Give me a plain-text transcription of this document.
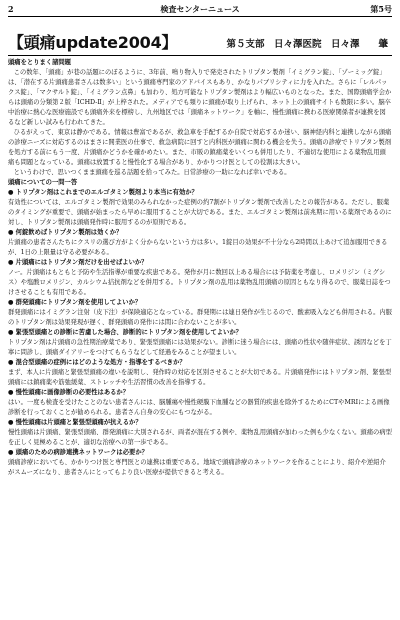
2	検査センターニュース	第5号
【頭痛update2004】	第５支部　日々澤医院　日々澤　　肇

頭痛をとりまく諸問題

この数年、「頭痛」が巷の話題にのぼるように、3年前、鳴り物入りで発売されたトリプタン製剤「イミグラン錠」、「ゾーミッグ錠」は、「潜在する片頭痛患者さんは数多い」という頭痛専門家のアドバイスもあり、かなりパブリシティに力を入れた。さらに「レルパックス錠」、「マクサルト錠」、「イミグラン点鼻」も加わり、処方可能なトリプタン製剤はより幅広いものとなった。また、国際頭痛学会からは頭痛の分類第２版「ICHD-Ⅱ」が上梓された。メディアでも頻りに頭痛が取り上げられ、ネット上の頭痛サイトも数限に多い。脳卒中治療に熱心な医療施設でも頭痛外来を標榜し、九州地区では「頭痛ネットワーク」を軸に、慢性頭痛に携わる医療関係者が連携を図るなど新しい試みも行われてきた。

ひるがえって、東京は静かである。情報は豊富であるが、救急車を手配するか自院で対応するか迷い、脳神経内科と連携しながら頭痛の診療ニーズに対応するのはまさに開業医の仕事で、救急病院に回すと内科医が頭痛に関わる機会を失う。頭痛の診療でトリプタン製剤を処方する前にもう一度、片頭痛かどうかを確かめたい。また、市販の鎮痛薬をいくつも併用したり、不適切な使用による薬物乱用頭痛も問題となっている。頭痛は放置すると慢性化する場合があり、かかりつけ医としての役割は大きい。

というわけで、思いつくまま頭痛を巡る話題を拾ってみた。日常診療の一助になれば幸いである。

頭痛についての一問一答

● トリプタン剤はこれまでのエルゴタミン製剤より本当に有効か？

有効性については、エルゴタミン製剤で効果のみられなかった症例の約7割がトリプタン製剤で改善したとの報告がある。ただし、服薬のタイミングが重要で、頭痛が始まったら早めに服用することが大切である。また、エルゴタミン製剤は前兆期に用いる薬剤であるのに対し、トリプタン製剤は頭痛発作時に服用するのが原則である。

● 何錠飲めばトリプタン製剤は効くか？

片頭痛の患者さんたちにクスリの選び方がよく分からないという方は多い。1錠目の効果が不十分なら2時間以上あけて追加服用できるが、1日の上限量は守る必要がある。

● 片頭痛にはトリプタン剤だけを出せばよいか？

ノー。片頭痛はもともと予防や生活指導が重要な疾患である。発作が月に数回以上ある場合には予防薬を考慮し、ロメリジン（ミグシス）や塩酸ロメリジン、カルシウム拮抗剤などを併用する。トリプタン剤の乱用は薬物乱用頭痛の原因ともなり得るので、服薬日誌をつけさせることも有用である。

● 群発頭痛にトリプタン剤を使用してよいか？

群発頭痛にはイミグラン注射（皮下注）が保険適応となっている。群発期には連日発作が生じるので、酸素吸入なども併用される。内服のトリプタン剤は効果発現が遅く、群発頭痛の発作には間に合わないことが多い。

● 緊張型頭痛との診断に苦慮した場合、診断的にトリプタン剤を使用してよいか？

トリプタン剤は片頭痛の急性期治療薬であり、緊張型頭痛には効果がない。診断に迷う場合には、頭痛の性状や随伴症状、誘因などを丁寧に問診し、頭痛ダイアリーをつけてもらうなどして経過をみることが望ましい。

● 混合型頭痛の症例にはどのような処方・指導をするべきか？

まず、本人に片頭痛と緊張型頭痛の違いを説明し、発作時の対応を区別させることが大切である。片頭痛発作にはトリプタン剤、緊張型頭痛には鎮痛薬や筋弛緩薬、ストレッチや生活習慣の改善を指導する。

● 慢性頭痛に画像診断の必要性はあるか？

はい。一度も検査を受けたことのない患者さんには、脳腫瘍や慢性硬膜下血腫などの器質的疾患を除外するためにCTやMRIによる画像診断を行っておくことが勧められる。患者さん自身の安心にもつながる。

● 慢性頭痛は片頭痛と緊張型頭痛が抗えるか？

慢性頭痛は片頭痛、緊張型頭痛、群発頭痛に大別されるが、両者が混在する例や、薬物乱用頭痛が加わった例も少なくない。頭痛の病型を正しく見極めることが、適切な治療への第一歩である。

● 頭痛のための病診連携ネットワークは必要か？

頭痛診療においても、かかりつけ医と専門医との連携は重要である。地域で頭痛診療のネットワークを作ることにより、紹介や逆紹介がスムーズになり、患者さんにとってもより良い医療が提供できると考える。
